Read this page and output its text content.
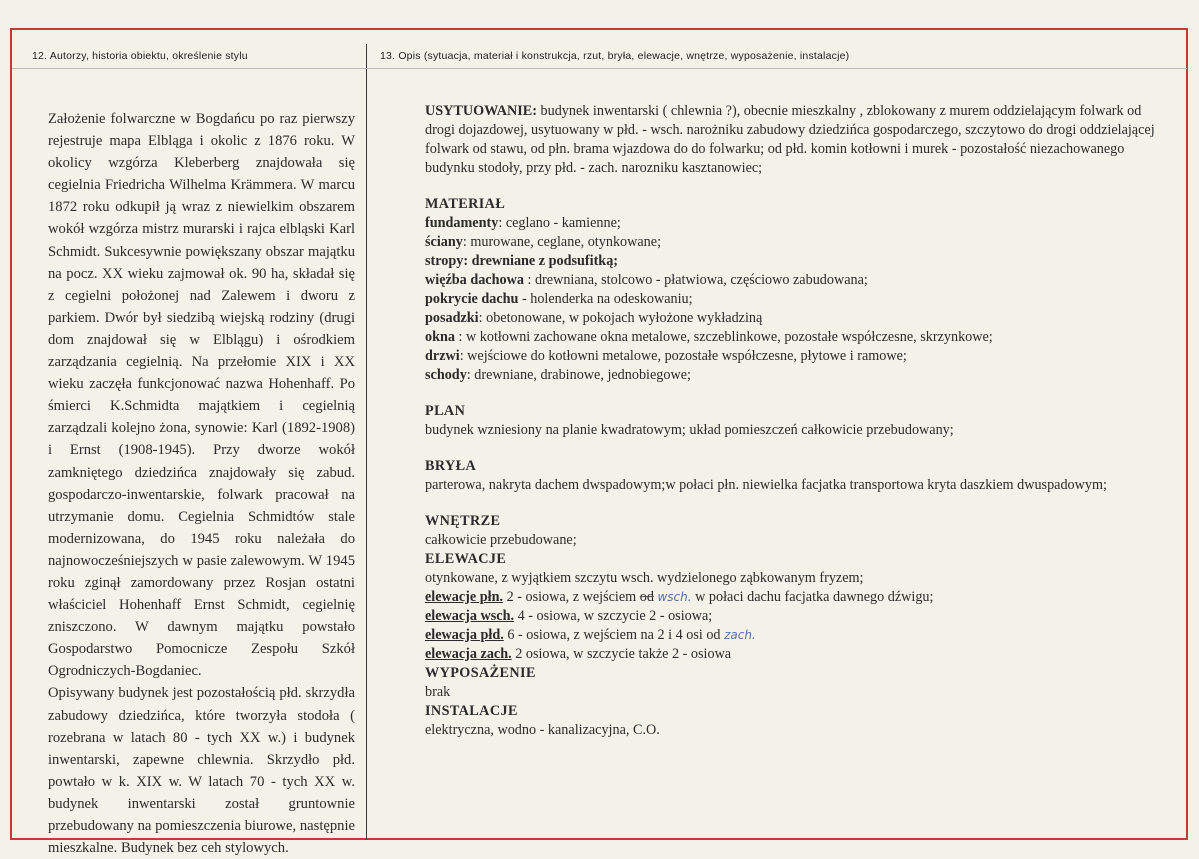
12. Autorzy, historia obiektu, określenie stylu	13. Opis (sytuacja, materiał i konstrukcja, rzut, bryła, elewacje, wnętrze, wyposażenie, instalacje)

Założenie folwarczne w Bogdańcu po raz pierwszy rejestruje mapa Elbląga i okolic z 1876 roku. W okolicy wzgórza Kleberberg znajdowała się cegielnia Friedricha Wilhelma Krämmera. W marcu 1872 roku odkupił ją wraz z niewielkim obszarem wokół wzgórza mistrz murarski i rajca elbląski Karl Schmidt. Sukcesywnie powiększany obszar majątku na pocz. XX wieku zajmował ok. 90 ha, składał się z cegielni położonej nad Zalewem i dworu z parkiem. Dwór był siedzibą wiejską rodziny (drugi dom znajdował się w Elblągu) i ośrodkiem zarządzania cegielnią. Na przełomie XIX i XX wieku zaczęła funkcjonować nazwa Hohenhaff. Po śmierci K.Schmidta majątkiem i cegielnią zarządzali kolejno żona, synowie: Karl (1892-1908) i Ernst (1908-1945). Przy dworze wokół zamkniętego dziedzińca znajdowały się zabud. gospodarczo-inwentarskie, folwark pracował na utrzymanie domu. Cegielnia Schmidtów stale modernizowana, do 1945 roku należała do najnowocześniejszych w pasie zalewowym. W 1945 roku zginął zamordowany przez Rosjan ostatni właściciel Hohenhaff Ernst Schmidt, cegielnię zniszczono. W dawnym majątku powstało Gospodarstwo Pomocnicze Zespołu Szkół Ogrodniczych-Bogdaniec.

Opisywany budynek jest pozostałością płd. skrzydła zabudowy dziedzińca, które tworzyła stodoła ( rozebrana w latach 80 - tych XX w.) i budynek inwentarski, zapewne chlewnia. Skrzydło płd. powtało w k. XIX w. W latach 70 - tych XX w. budynek inwentarski został gruntownie przebudowany na pomieszczenia biurowe, następnie mieszkalne. Budynek bez ceh stylowych.

USYTUOWANIE: budynek inwentarski ( chlewnia ?), obecnie mieszkalny , zblokowany z murem oddzielającym folwark od drogi dojazdowej, usytuowany w płd. - wsch. narożniku zabudowy dziedzińca gospodarczego, szczytowo do drogi oddzielającej folwark od stawu, od płn. brama wjazdowa do do folwarku; od płd. komin kotłowni i murek - pozostałość niezachowanego budynku stodoły, przy płd. - zach. narozniku kasztanowiec;

MATERIAŁ

fundamenty: ceglano - kamienne;

ściany: murowane, ceglane, otynkowane;

stropy: drewniane z podsufitką;

więźba dachowa : drewniana, stolcowo - płatwiowa, częściowo zabudowana;

pokrycie dachu - holenderka na odeskowaniu;

posadzki: obetonowane, w pokojach wyłożone wykładziną

okna : w kotłowni zachowane okna metalowe, szczeblinkowe, pozostałe współczesne, skrzynkowe;

drzwi: wejściowe do kotłowni metalowe, pozostałe współczesne, płytowe i ramowe;

schody: drewniane, drabinowe, jednobiegowe;

PLAN

budynek wzniesiony na planie kwadratowym; układ pomieszczeń całkowicie przebudowany;

BRYŁA

parterowa, nakryta dachem dwspadowym;w połaci płn. niewielka facjatka transportowa kryta daszkiem dwuspadowym;

WNĘTRZE

całkowicie przebudowane;

ELEWACJE

otynkowane, z wyjątkiem szczytu wsch. wydzielonego ząbkowanym fryzem;

elewacje płn. 2 - osiowa, z wejściem od wsch. w połaci dachu facjatka dawnego dźwigu;

elewacja wsch. 4 - osiowa, w szczycie 2 - osiowa;

elewacja płd. 6 - osiowa, z wejściem na 2 i 4 osi od zach.

elewacja zach. 2 osiowa, w szczycie także 2 - osiowa

WYPOSAŻENIE

brak

INSTALACJE

elektryczna, wodno - kanalizacyjna, C.O.
